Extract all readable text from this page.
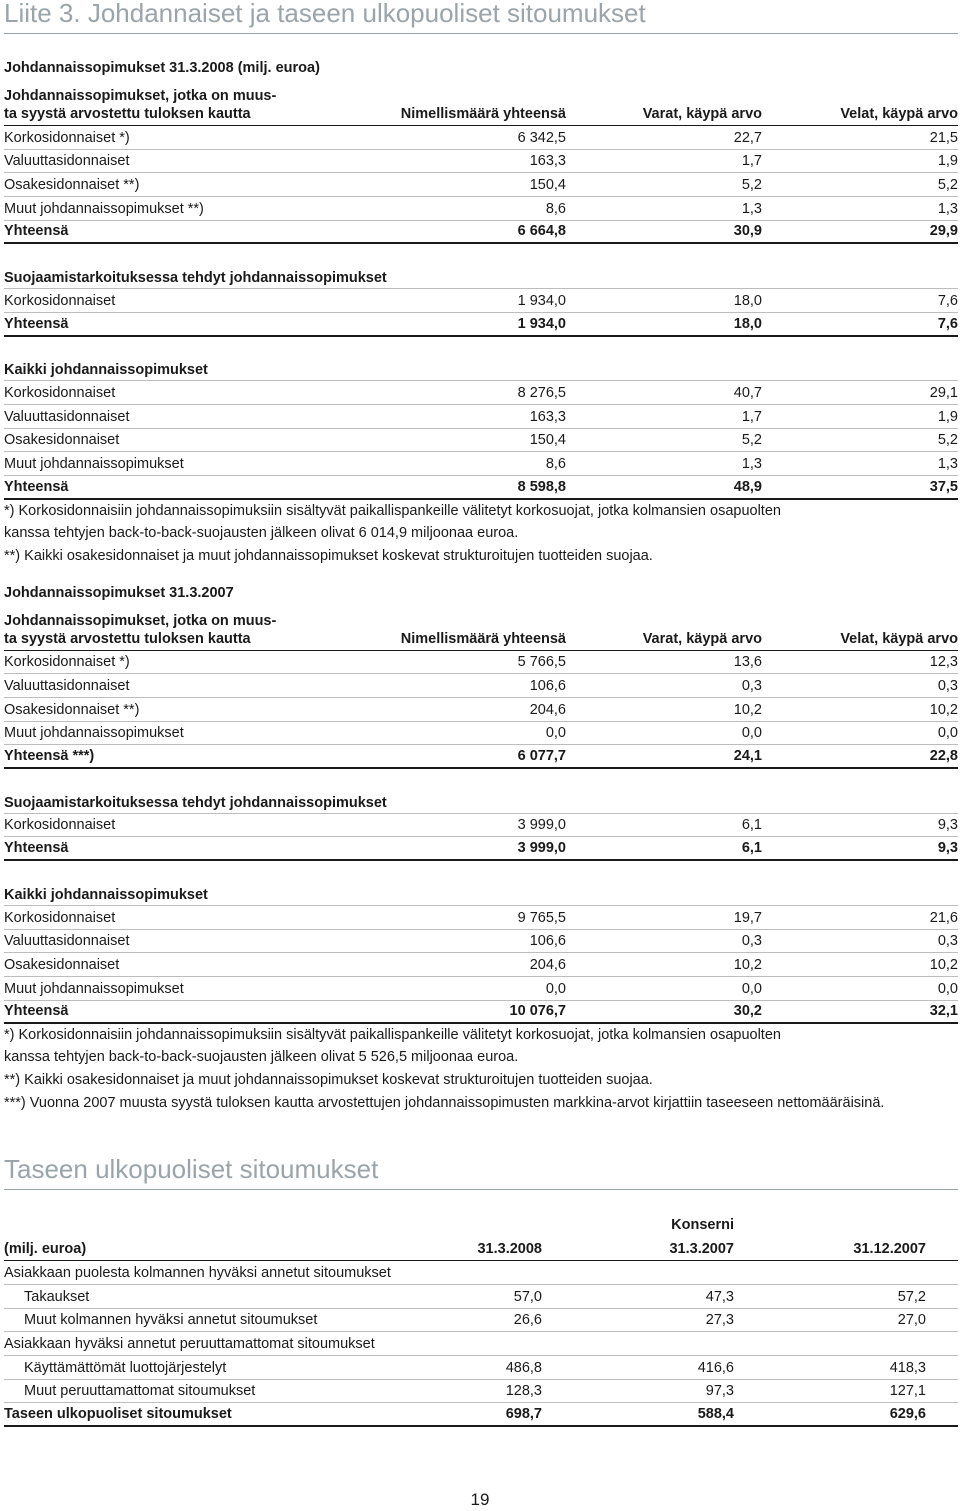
Liite 3. Johdannaiset ja taseen ulkopuoliset sitoumukset
Johdannaissopimukset 31.3.2008 (milj. euroa)
Johdannaissopimukset, jotka on muus-
ta syystä arvostettu tuloksen kautta	Nimellismäärä yhteensä	Varat, käypä arvo	Velat, käypä arvo
Korkosidonnaiset *)	6 342,5	22,7	21,5
Valuuttasidonnaiset	163,3	1,7	1,9
Osakesidonnaiset **)	150,4	5,2	5,2
Muut johdannaissopimukset **)	8,6	1,3	1,3
Yhteensä	6 664,8	30,9	29,9
Suojaamistarkoituksessa tehdyt johdannaissopimukset
Korkosidonnaiset	1 934,0	18,0	7,6
Yhteensä	1 934,0	18,0	7,6
Kaikki johdannaissopimukset
Korkosidonnaiset	8 276,5	40,7	29,1
Valuuttasidonnaiset	163,3	1,7	1,9
Osakesidonnaiset	150,4	5,2	5,2
Muut johdannaissopimukset	8,6	1,3	1,3
Yhteensä	8 598,8	48,9	37,5
*) Korkosidonnaisiin johdannaissopimuksiin sisältyvät paikallispankeille välitetyt korkosuojat, jotka kolmansien osapuolten
kanssa tehtyjen back-to-back-suojausten jälkeen olivat 6 014,9 miljoonaa euroa.
**) Kaikki osakesidonnaiset ja muut johdannaissopimukset koskevat strukturoitujen tuotteiden suojaa.
Johdannaissopimukset 31.3.2007
Johdannaissopimukset, jotka on muus-
ta syystä arvostettu tuloksen kautta	Nimellismäärä yhteensä	Varat, käypä arvo	Velat, käypä arvo
Korkosidonnaiset *)	5 766,5	13,6	12,3
Valuuttasidonnaiset	106,6	0,3	0,3
Osakesidonnaiset **)	204,6	10,2	10,2
Muut johdannaissopimukset	0,0	0,0	0,0
Yhteensä ***)	6 077,7	24,1	22,8
Suojaamistarkoituksessa tehdyt johdannaissopimukset
Korkosidonnaiset	3 999,0	6,1	9,3
Yhteensä	3 999,0	6,1	9,3
Kaikki johdannaissopimukset
Korkosidonnaiset	9 765,5	19,7	21,6
Valuuttasidonnaiset	106,6	0,3	0,3
Osakesidonnaiset	204,6	10,2	10,2
Muut johdannaissopimukset	0,0	0,0	0,0
Yhteensä	10 076,7	30,2	32,1
*) Korkosidonnaisiin johdannaissopimuksiin sisältyvät paikallispankeille välitetyt korkosuojat, jotka kolmansien osapuolten
kanssa tehtyjen back-to-back-suojausten jälkeen olivat 5 526,5 miljoonaa euroa.
**) Kaikki osakesidonnaiset ja muut johdannaissopimukset koskevat strukturoitujen tuotteiden suojaa.
***) Vuonna 2007 muusta syystä tuloksen kautta arvostettujen johdannaissopimusten markkina-arvot kirjattiin taseeseen nettomääräisinä.
Taseen ulkopuoliset sitoumukset
Konserni
(milj. euroa)	31.3.2008	31.3.2007	31.12.2007
Asiakkaan puolesta kolmannen hyväksi annetut sitoumukset
Takaukset	57,0	47,3	57,2
Muut kolmannen hyväksi annetut sitoumukset	26,6	27,3	27,0
Asiakkaan hyväksi annetut peruuttamattomat sitoumukset
Käyttämättömät luottojärjestelyt	486,8	416,6	418,3
Muut peruuttamattomat sitoumukset	128,3	97,3	127,1
Taseen ulkopuoliset sitoumukset	698,7	588,4	629,6
19
